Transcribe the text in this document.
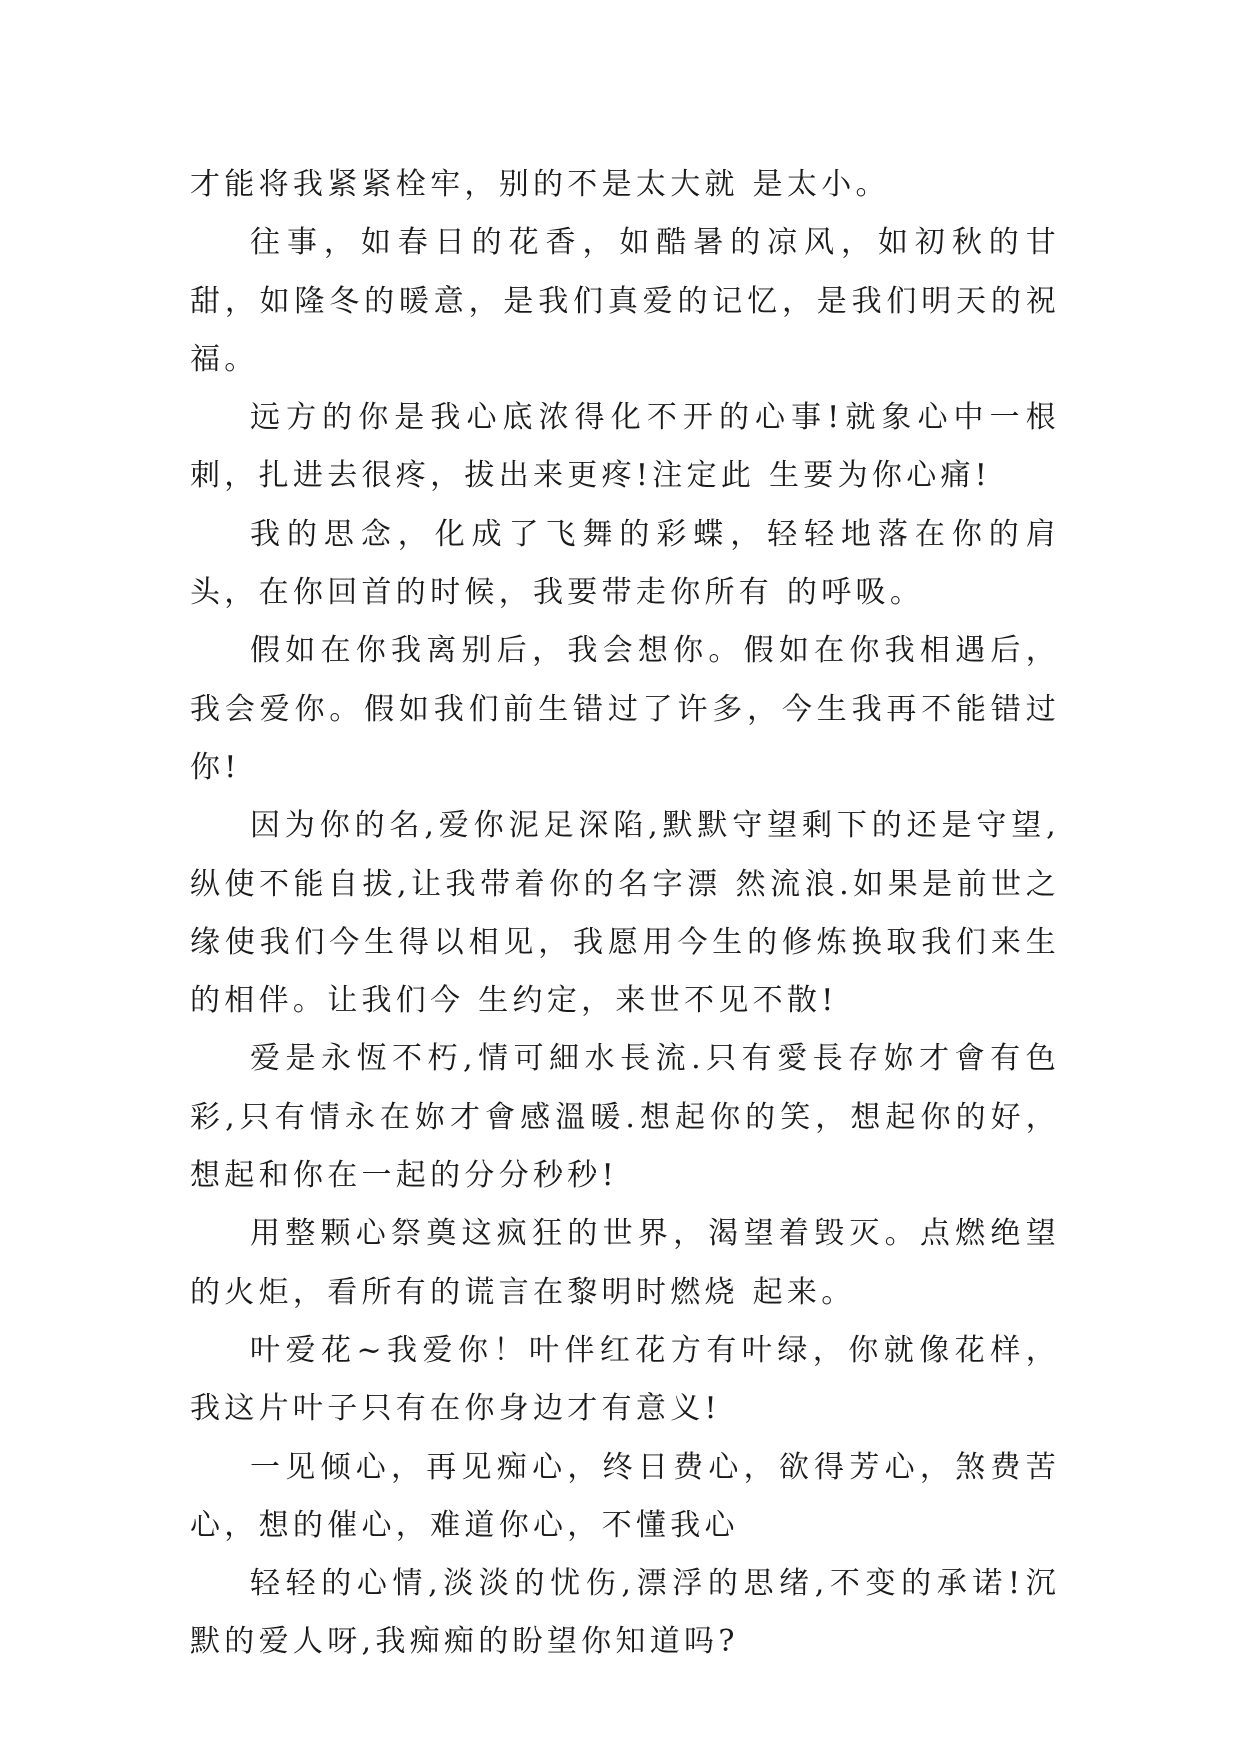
才能将我紧紧栓牢，别的不是太大就 是太小。

往事，如春日的花香，如酷暑的凉风，如初秋的甘甜，如隆冬的暖意，是我们真爱的记忆，是我们明天的祝福。

远方的你是我心底浓得化不开的心事!就象心中一根刺，扎进去很疼，拔出来更疼!注定此 生要为你心痛!

我的思念，化成了飞舞的彩蝶，轻轻地落在你的肩头，在你回首的时候，我要带走你所有 的呼吸。

假如在你我离别后，我会想你。假如在你我相遇后，我会爱你。假如我们前生错过了许多，今生我再不能错过你!

因为你的名,爱你泥足深陷,默默守望剩下的还是守望,纵使不能自拔,让我带着你的名字漂 然流浪.如果是前世之缘使我们今生得以相见，我愿用今生的修炼换取我们来生的相伴。让我们今 生约定，来世不见不散!

爱是永恆不朽,情可細水長流.只有愛長存妳才會有色彩,只有情永在妳才會感溫暖.想起你的笑，想起你的好，想起和你在一起的分分秒秒!

用整颗心祭奠这疯狂的世界，渴望着毁灭。点燃绝望的火炬，看所有的谎言在黎明时燃烧 起来。

叶爱花~我爱你！叶伴红花方有叶绿，你就像花样，我这片叶子只有在你身边才有意义!

一见倾心，再见痴心，终日费心，欲得芳心，煞费苦心，想的催心，难道你心，不懂我心

轻轻的心情,淡淡的忧伤,漂浮的思绪,不变的承诺!沉默的爱人呀,我痴痴的盼望你知道吗?
